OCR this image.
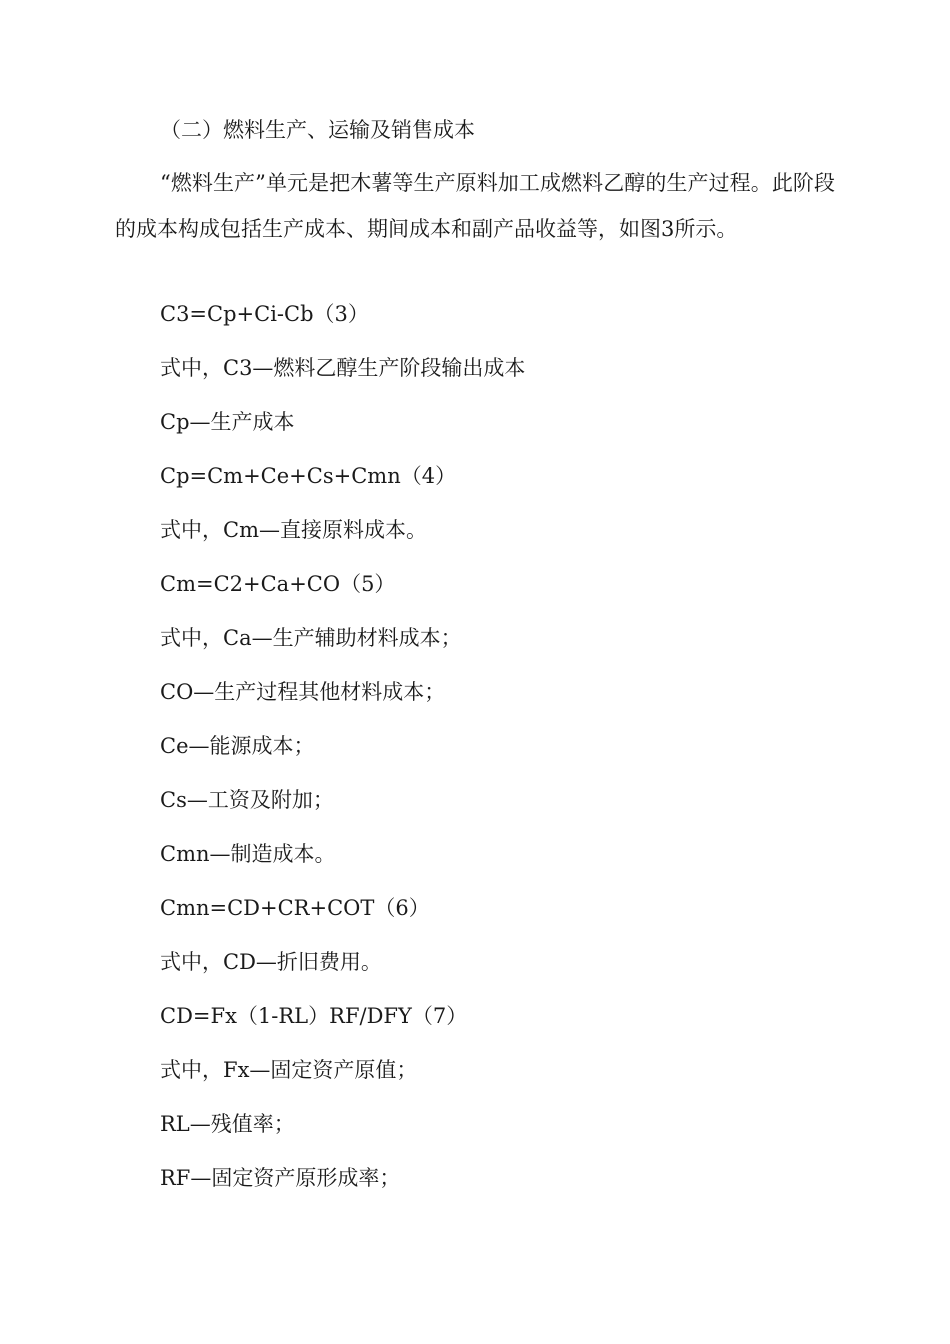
（二）燃料生产、运输及销售成本
“燃料生产”单元是把木薯等生产原料加工成燃料乙醇的生产过程。此阶段的成本构成包括生产成本、期间成本和副产品收益等，如图3所示。
C3=Cp+Ci-Cb（3）
式中，C3—燃料乙醇生产阶段输出成本
Cp—生产成本
Cp=Cm+Ce+Cs+Cmn（4）
式中，Cm—直接原料成本。
Cm=C2+Ca+CO（5）
式中，Ca—生产辅助材料成本；
CO—生产过程其他材料成本；
Ce—能源成本；
Cs—工资及附加；
Cmn—制造成本。
Cmn=CD+CR+COT（6）
式中，CD—折旧费用。
CD=Fx（1-RL）RF/DFY（7）
式中，Fx—固定资产原值；
RL—残值率；
RF—固定资产原形成率；
